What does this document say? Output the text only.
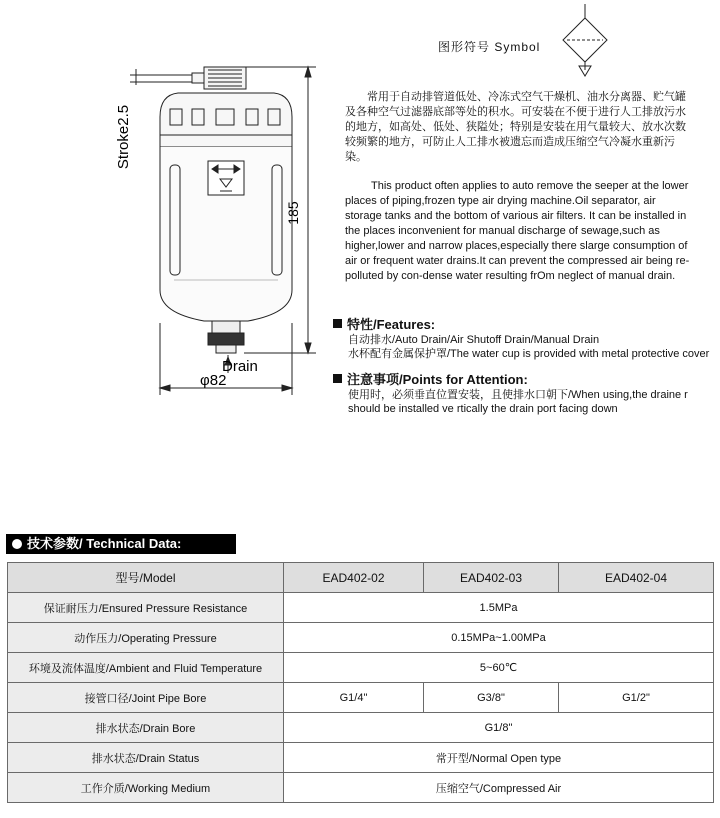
Stroke2.5
185
Drain
φ82
图形符号 Symbol
常用于自动排管道低处、冷冻式空气干燥机、油水分离器、贮气罐及各种空气过滤器底部等处的积水。可安装在不便于进行人工排放污水的地方，如高处、低处、狭隘处；特别是安装在用气量较大、放水次数较频繁的地方，可防止人工排水被遗忘而造成压缩空气冷凝水重新污染。
This product often applies to auto remove the seeper at the lower places of piping,frozen type air drying machine.Oil separator, air storage tanks and the bottom of various air filters. It can be installed in the places inconvenient for manual discharge of sewage,such as higher,lower and narrow places,especially there slarge consumption of air or frequent water drains.It can prevent the compressed air being re-polluted by con-dense water resulting frOm neglect of manual drain.
特性/Features:
自动排水/Auto Drain/Air Shutoff Drain/Manual Drain
水杯配有金属保护罩/The water cup is provided with metal protective cover
注意事项/Points for Attention:
使用时，必须垂直位置安装，且使排水口朝下/When using,the draine r
should be installed ve rtically the drain port facing down
技术参数/ Technical Data:
型号/Model	EAD402-02	EAD402-03	EAD402-04
保证耐压力/Ensured Pressure Resistance	1.5MPa		
动作压力/Operating Pressure	0.15MPa~1.00MPa		
环境及流体温度/Ambient and Fluid Temperature	5~60℃		
接管口径/Joint Pipe Bore	G1/4"	G3/8"	G1/2"
排水状态/Drain Bore	G1/8"		
排水状态/Drain Status	常开型/Normal Open type		
工作介质/Working Medium	压缩空气/Compressed Air		
